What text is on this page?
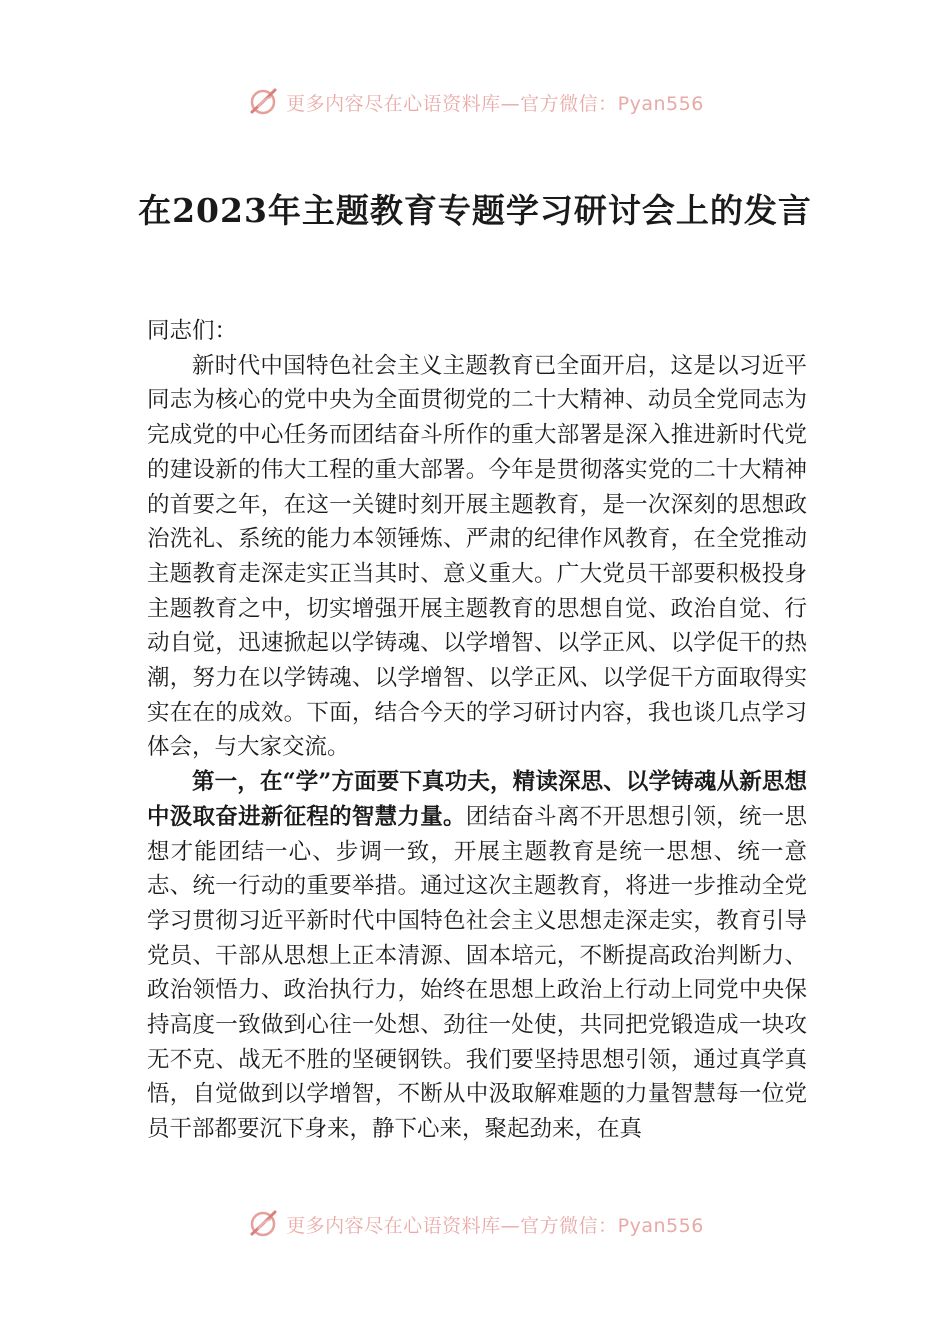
更多内容尽在心语资料库—官方微信：Pyan556
在2023年主题教育专题学习研讨会上的发言

同志们：

新时代中国特色社会主义主题教育已全面开启，这是以习近平同志为核心的党中央为全面贯彻党的二十大精神、动员全党同志为完成党的中心任务而团结奋斗所作的重大部署是深入推进新时代党的建设新的伟大工程的重大部署。今年是贯彻落实党的二十大精神的首要之年，在这一关键时刻开展主题教育，是一次深刻的思想政治洗礼、系统的能力本领锤炼、严肃的纪律作风教育，在全党推动主题教育走深走实正当其时、意义重大。广大党员干部要积极投身主题教育之中，切实增强开展主题教育的思想自觉、政治自觉、行动自觉，迅速掀起以学铸魂、以学增智、以学正风、以学促干的热潮，努力在以学铸魂、以学增智、以学正风、以学促干方面取得实实在在的成效。下面，结合今天的学习研讨内容，我也谈几点学习体会，与大家交流。

第一，在“学”方面要下真功夫，精读深思、以学铸魂从新思想中汲取奋进新征程的智慧力量。团结奋斗离不开思想引领，统一思想才能团结一心、步调一致，开展主题教育是统一思想、统一意志、统一行动的重要举措。通过这次主题教育，将进一步推动全党学习贯彻习近平新时代中国特色社会主义思想走深走实，教育引导党员、干部从思想上正本清源、固本培元，不断提高政治判断力、政治领悟力、政治执行力，始终在思想上政治上行动上同党中央保持高度一致做到心往一处想、劲往一处使，共同把党锻造成一块攻无不克、战无不胜的坚硬钢铁。我们要坚持思想引领，通过真学真悟，自觉做到以学增智，不断从中汲取解难题的力量智慧每一位党员干部都要沉下身来，静下心来，聚起劲来，在真

更多内容尽在心语资料库—官方微信：Pyan556
